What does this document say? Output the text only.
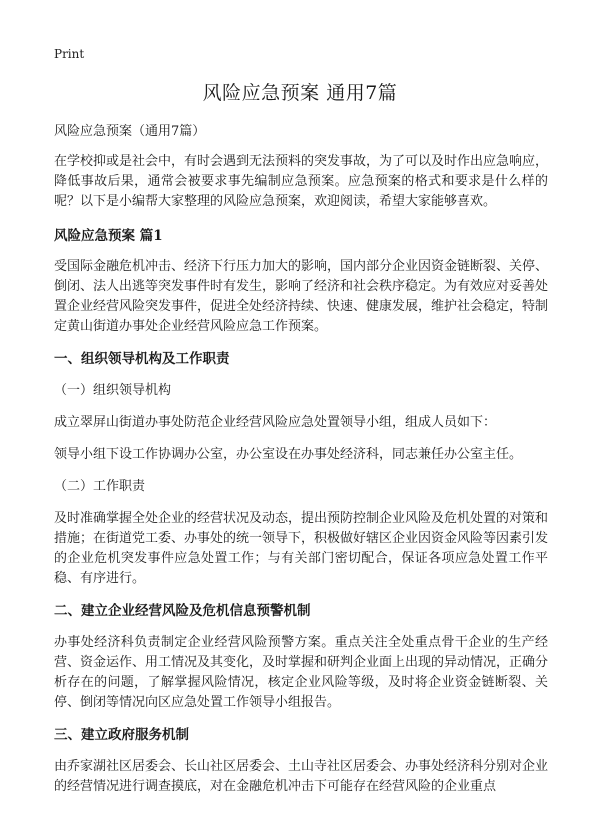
Print
风险应急预案 通用7篇

风险应急预案（通用7篇）

在学校抑或是社会中，有时会遇到无法预料的突发事故，为了可以及时作出应急响应，降低事故后果，通常会被要求事先编制应急预案。应急预案的格式和要求是什么样的呢？以下是小编帮大家整理的风险应急预案，欢迎阅读，希望大家能够喜欢。

风险应急预案 篇1

受国际金融危机冲击、经济下行压力加大的影响，国内部分企业因资金链断裂、关停、倒闭、法人出逃等突发事件时有发生，影响了经济和社会秩序稳定。为有效应对妥善处置企业经营风险突发事件，促进全处经济持续、快速、健康发展，维护社会稳定，特制定黄山街道办事处企业经营风险应急工作预案。

一、组织领导机构及工作职责

（一）组织领导机构

成立翠屏山街道办事处防范企业经营风险应急处置领导小组，组成人员如下：

领导小组下设工作协调办公室，办公室设在办事处经济科，同志兼任办公室主任。

（二）工作职责

及时准确掌握全处企业的经营状况及动态，提出预防控制企业风险及危机处置的对策和措施；在街道党工委、办事处的统一领导下，积极做好辖区企业因资金风险等因素引发的企业危机突发事件应急处置工作；与有关部门密切配合，保证各项应急处置工作平稳、有序进行。

二、建立企业经营风险及危机信息预警机制

办事处经济科负责制定企业经营风险预警方案。重点关注全处重点骨干企业的生产经营、资金运作、用工情况及其变化，及时掌握和研判企业面上出现的异动情况，正确分析存在的问题，了解掌握风险情况，核定企业风险等级，及时将企业资金链断裂、关停、倒闭等情况向区应急处置工作领导小组报告。

三、建立政府服务机制

由乔家湖社区居委会、长山社区居委会、土山寺社区居委会、办事处经济科分别对企业的经营情况进行调查摸底，对在金融危机冲击下可能存在经营风险的企业重点
